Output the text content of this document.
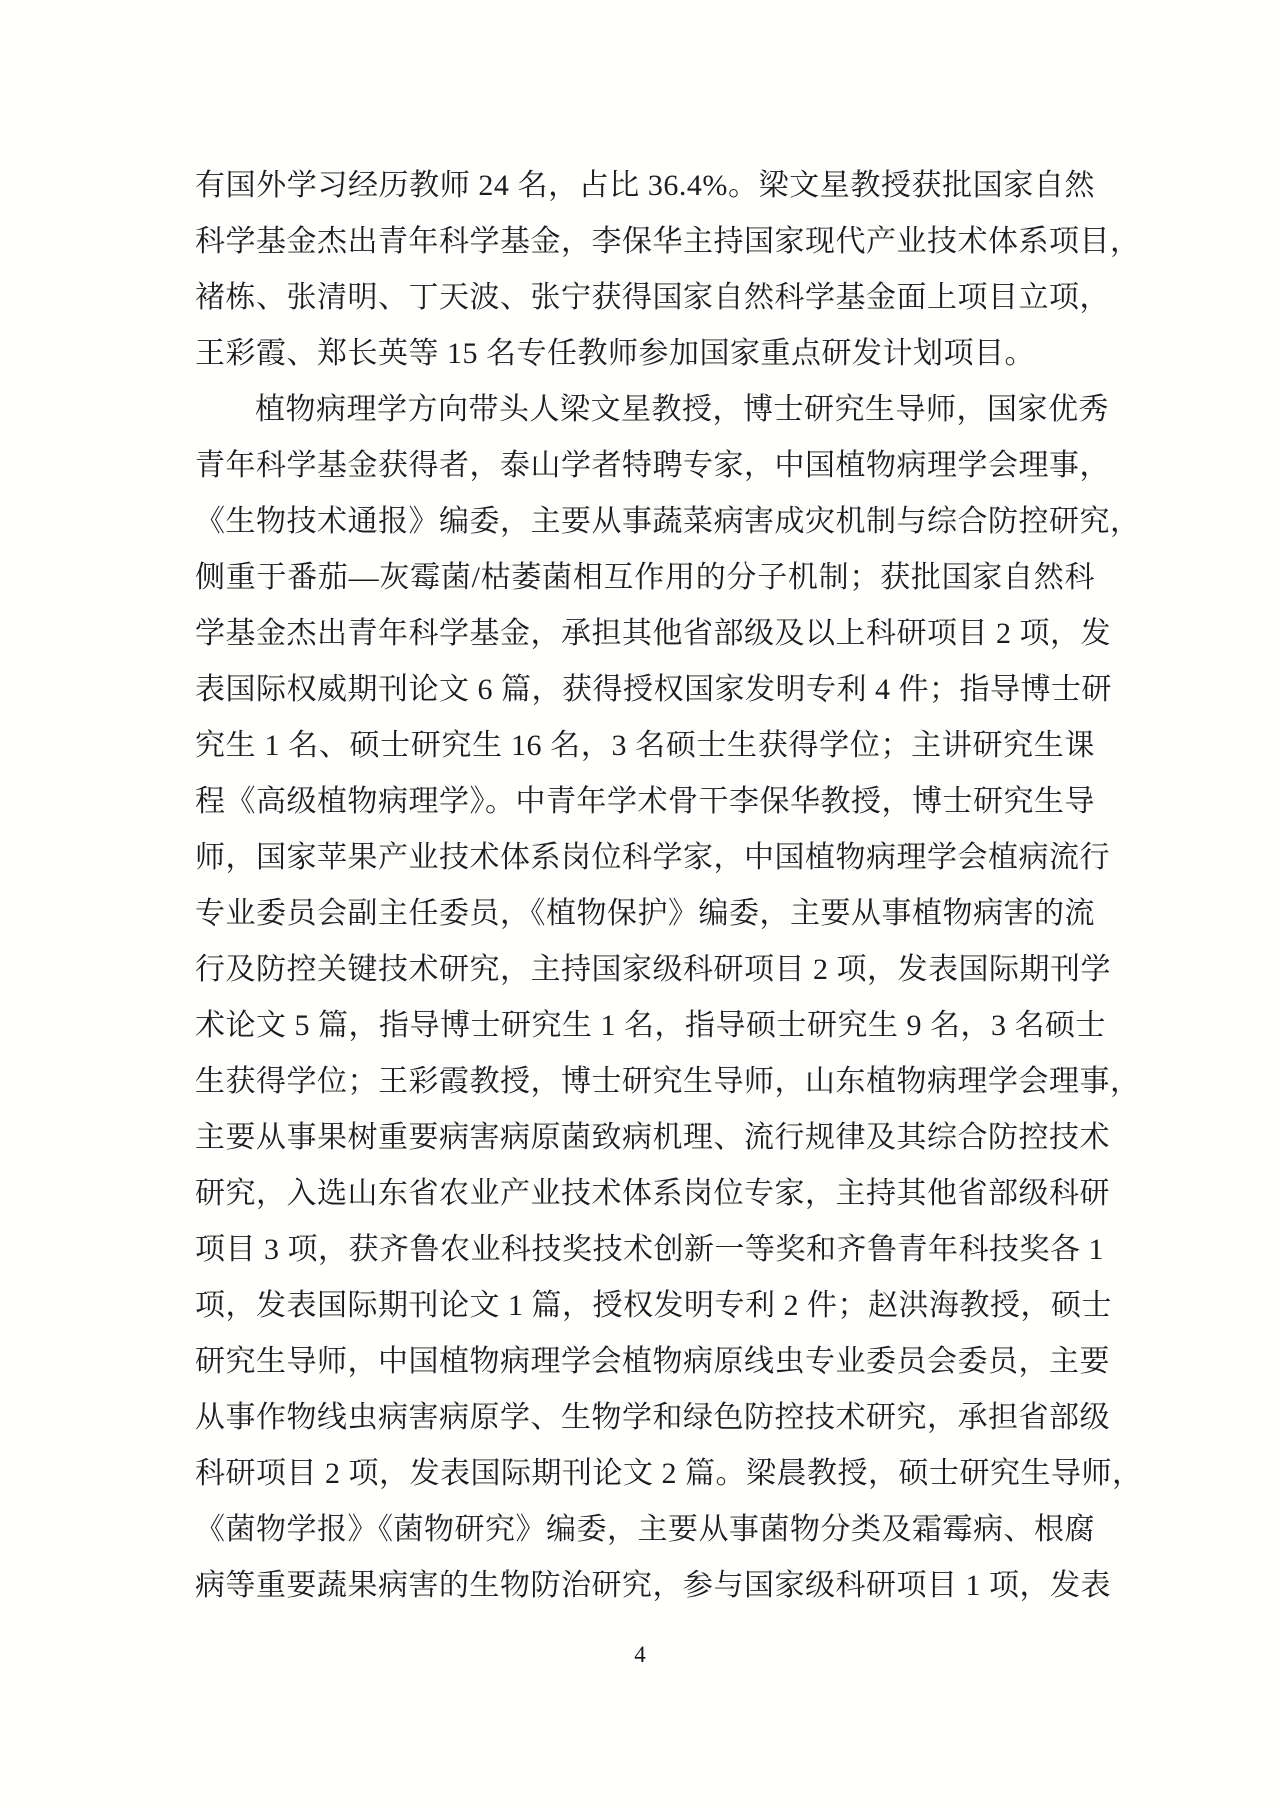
有国外学习经历教师 24 名，占比 36.4%。梁文星教授获批国家自然
科学基金杰出青年科学基金，李保华主持国家现代产业技术体系项目，
褚栋、张清明、丁天波、张宁获得国家自然科学基金面上项目立项，
王彩霞、郑长英等 15 名专任教师参加国家重点研发计划项目。
植物病理学方向带头人梁文星教授，博士研究生导师，国家优秀
青年科学基金获得者，泰山学者特聘专家，中国植物病理学会理事，
《生物技术通报》编委，主要从事蔬菜病害成灾机制与综合防控研究，
侧重于番茄—灰霉菌/枯萎菌相互作用的分子机制；获批国家自然科
学基金杰出青年科学基金，承担其他省部级及以上科研项目 2 项，发
表国际权威期刊论文 6 篇，获得授权国家发明专利 4 件；指导博士研
究生 1 名、硕士研究生 16 名，3 名硕士生获得学位；主讲研究生课
程《高级植物病理学》。中青年学术骨干李保华教授，博士研究生导
师，国家苹果产业技术体系岗位科学家，中国植物病理学会植病流行
专业委员会副主任委员，《植物保护》编委，主要从事植物病害的流
行及防控关键技术研究，主持国家级科研项目 2 项，发表国际期刊学
术论文 5 篇，指导博士研究生 1 名，指导硕士研究生 9 名，3 名硕士
生获得学位；王彩霞教授，博士研究生导师，山东植物病理学会理事，
主要从事果树重要病害病原菌致病机理、流行规律及其综合防控技术
研究，入选山东省农业产业技术体系岗位专家，主持其他省部级科研
项目 3 项，获齐鲁农业科技奖技术创新一等奖和齐鲁青年科技奖各 1
项，发表国际期刊论文 1 篇，授权发明专利 2 件；赵洪海教授，硕士
研究生导师，中国植物病理学会植物病原线虫专业委员会委员，主要
从事作物线虫病害病原学、生物学和绿色防控技术研究，承担省部级
科研项目 2 项，发表国际期刊论文 2 篇。梁晨教授，硕士研究生导师，
《菌物学报》《菌物研究》编委，主要从事菌物分类及霜霉病、根腐
病等重要蔬果病害的生物防治研究，参与国家级科研项目 1 项，发表
4
